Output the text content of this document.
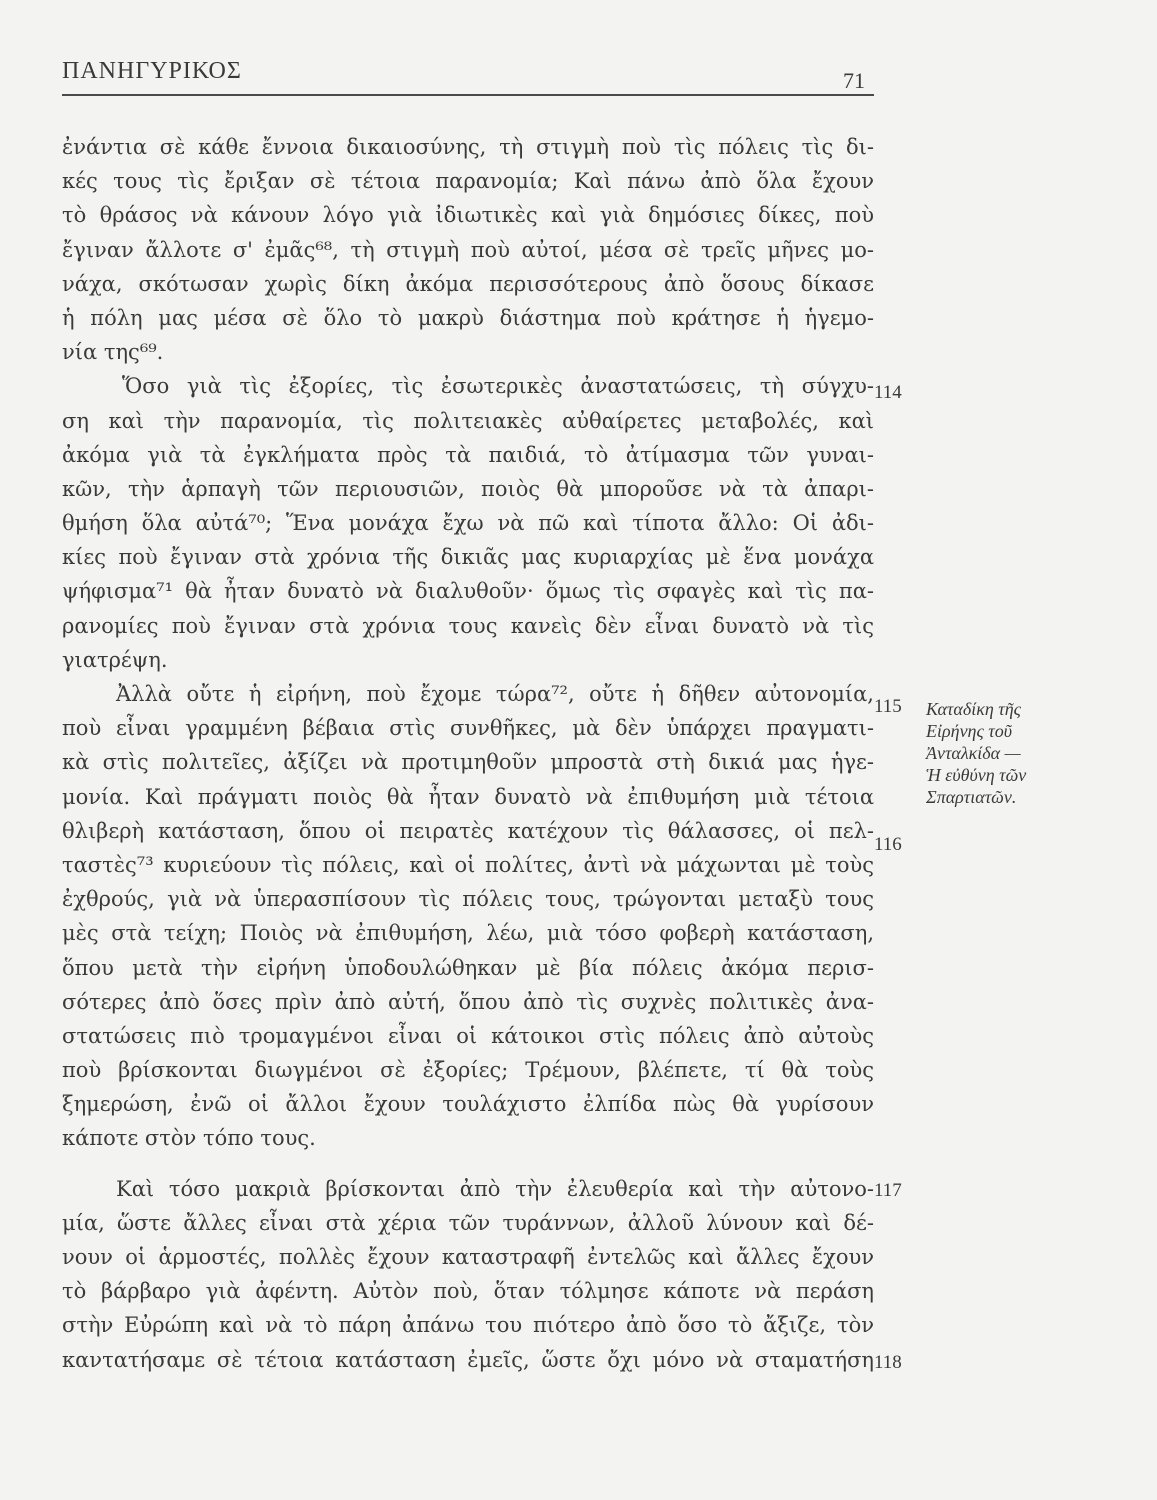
ΠΑΝΗΓΥΡΙΚΟΣ	71
ἐνάντια σὲ κάθε ἔννοια δικαιοσύνης, τὴ στιγμὴ ποὺ τὶς πόλεις τὶς δι-
κές τους τὶς ἔριξαν σὲ τέτοια παρανομία; Καὶ πάνω ἀπὸ ὅλα ἔχουν
τὸ θράσος νὰ κάνουν λόγο γιὰ ἰδιωτικὲς καὶ γιὰ δημόσιες δίκες, ποὺ
ἔγιναν ἄλλοτε σ' ἐμᾶς⁶⁸, τὴ στιγμὴ ποὺ αὐτοί, μέσα σὲ τρεῖς μῆνες μο-
νάχα, σκότωσαν χωρὶς δίκη ἀκόμα περισσότερους ἀπὸ ὅσους δίκασε
ἡ πόλη μας μέσα σὲ ὅλο τὸ μακρὺ διάστημα ποὺ κράτησε ἡ ἡγεμο-
νία της⁶⁹.
Ὅσο γιὰ τὶς ἐξορίες, τὶς ἐσωτερικὲς ἀναστατώσεις, τὴ σύγχυ-
ση καὶ τὴν παρανομία, τὶς πολιτειακὲς αὐθαίρετες μεταβολές, καὶ
ἀκόμα γιὰ τὰ ἐγκλήματα πρὸς τὰ παιδιά, τὸ ἀτίμασμα τῶν γυναι-
κῶν, τὴν ἁρπαγὴ τῶν περιουσιῶν, ποιὸς θὰ μποροῦσε νὰ τὰ ἀπαρι-
θμήση ὅλα αὐτά⁷⁰; Ἕνα μονάχα ἔχω νὰ πῶ καὶ τίποτα ἄλλο: Οἱ ἀδι-
κίες ποὺ ἔγιναν στὰ χρόνια τῆς δικιᾶς μας κυριαρχίας μὲ ἕνα μονάχα
ψήφισμα⁷¹ θὰ ἦταν δυνατὸ νὰ διαλυθοῦν· ὅμως τὶς σφαγὲς καὶ τὶς πα-
ρανομίες ποὺ ἔγιναν στὰ χρόνια τους κανεὶς δὲν εἶναι δυνατὸ νὰ τὶς
γιατρέψη.
Ἀλλὰ οὔτε ἡ εἰρήνη, ποὺ ἔχομε τώρα⁷², οὔτε ἡ δῆθεν αὐτονομία,
ποὺ εἶναι γραμμένη βέβαια στὶς συνθῆκες, μὰ δὲν ὑπάρχει πραγματι-
κὰ στὶς πολιτεῖες, ἀξίζει νὰ προτιμηθοῦν μπροστὰ στὴ δικιά μας ἡγε-
μονία. Καὶ πράγματι ποιὸς θὰ ἦταν δυνατὸ νὰ ἐπιθυμήση μιὰ τέτοια
θλιβερὴ κατάσταση, ὅπου οἱ πειρατὲς κατέχουν τὶς θάλασσες, οἱ πελ-
ταστὲς⁷³ κυριεύουν τὶς πόλεις, καὶ οἱ πολίτες, ἀντὶ νὰ μάχωνται μὲ τοὺς
ἐχθρούς, γιὰ νὰ ὑπερασπίσουν τὶς πόλεις τους, τρώγονται μεταξὺ τους
μὲς στὰ τείχη; Ποιὸς νὰ ἐπιθυμήση, λέω, μιὰ τόσο φοβερὴ κατάσταση,
ὅπου μετὰ τὴν εἰρήνη ὑποδουλώθηκαν μὲ βία πόλεις ἀκόμα περισ-
σότερες ἀπὸ ὅσες πρὶν ἀπὸ αὐτή, ὅπου ἀπὸ τὶς συχνὲς πολιτικὲς ἀνα-
στατώσεις πιὸ τρομαγμένοι εἶναι οἱ κάτοικοι στὶς πόλεις ἀπὸ αὐτοὺς
ποὺ βρίσκονται διωγμένοι σὲ ἐξορίες; Τρέμουν, βλέπετε, τί θὰ τοὺς
ξημερώση, ἐνῶ οἱ ἄλλοι ἔχουν τουλάχιστο ἐλπίδα πὼς θὰ γυρίσουν
κάποτε στὸν τόπο τους.
Καὶ τόσο μακριὰ βρίσκονται ἀπὸ τὴν ἐλευθερία καὶ τὴν αὐτονο-
μία, ὥστε ἄλλες εἶναι στὰ χέρια τῶν τυράννων, ἀλλοῦ λύνουν καὶ δέ-
νουν οἱ ἁρμοστές, πολλὲς ἔχουν καταστραφῆ ἐντελῶς καὶ ἄλλες ἔχουν
τὸ βάρβαρο γιὰ ἀφέντη. Αὐτὸν ποὺ, ὅταν τόλμησε κάποτε νὰ περάση
στὴν Εὐρώπη καὶ νὰ τὸ πάρη ἀπάνω του πιότερο ἀπὸ ὅσο τὸ ἄξιζε, τὸν
καντατήσαμε σὲ τέτοια κατάσταση ἐμεῖς, ὥστε ὄχι μόνο νὰ σταματήση
114
115
116
117
118
Καταδίκη τῆς
Εἰρήνης τοῦ
Ἀνταλκίδα —
Ἡ εὐθύνη τῶν
Σπαρτιατῶν.
